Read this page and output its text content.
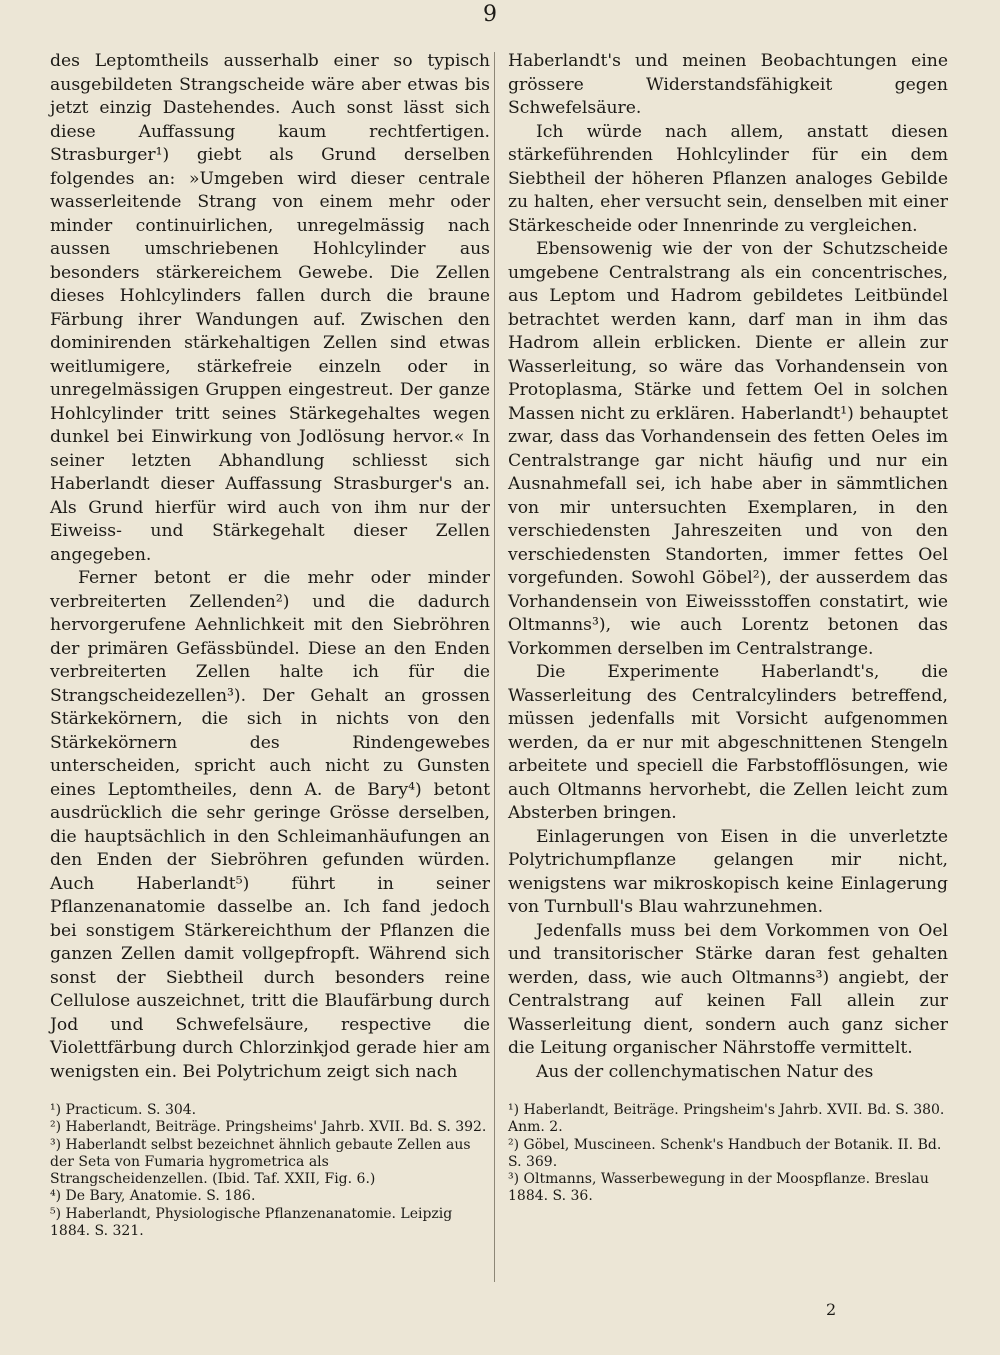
9

des Leptomtheils ausserhalb einer so typisch ausgebildeten Strangscheide wäre aber etwas bis jetzt einzig Dastehendes. Auch sonst lässt sich diese Auffassung kaum rechtfertigen. Strasburger¹) giebt als Grund derselben folgendes an: »Umgeben wird dieser centrale wasserleitende Strang von einem mehr oder minder continuirlichen, unregelmässig nach aussen umschriebenen Hohlcylinder aus besonders stärkereichem Gewebe. Die Zellen dieses Hohlcylinders fallen durch die braune Färbung ihrer Wandungen auf. Zwischen den dominirenden stärkehaltigen Zellen sind etwas weitlumigere, stärkefreie einzeln oder in unregelmässigen Gruppen eingestreut. Der ganze Hohlcylinder tritt seines Stärkegehaltes wegen dunkel bei Einwirkung von Jodlösung hervor.« In seiner letzten Abhandlung schliesst sich Haberlandt dieser Auffassung Strasburger's an. Als Grund hierfür wird auch von ihm nur der Eiweiss- und Stärkegehalt dieser Zellen angegeben.

Ferner betont er die mehr oder minder verbreiterten Zellenden²) und die dadurch hervorgerufene Aehnlichkeit mit den Siebröhren der primären Gefässbündel. Diese an den Enden verbreiterten Zellen halte ich für die Strangscheidezellen³). Der Gehalt an grossen Stärkekörnern, die sich in nichts von den Stärkekörnern des Rindengewebes unterscheiden, spricht auch nicht zu Gunsten eines Leptomtheiles, denn A. de Bary⁴) betont ausdrücklich die sehr geringe Grösse derselben, die hauptsächlich in den Schleimanhäufungen an den Enden der Siebröhren gefunden würden. Auch Haberlandt⁵) führt in seiner Pflanzenanatomie dasselbe an. Ich fand jedoch bei sonstigem Stärkereichthum der Pflanzen die ganzen Zellen damit vollgepfropft. Während sich sonst der Siebtheil durch besonders reine Cellulose auszeichnet, tritt die Blaufärbung durch Jod und Schwefelsäure, respective die Violettfärbung durch Chlorzinkjod gerade hier am wenigsten ein. Bei Polytrichum zeigt sich nach

¹) Practicum. S. 304.

²) Haberlandt, Beiträge. Pringsheims' Jahrb. XVII. Bd. S. 392.

³) Haberlandt selbst bezeichnet ähnlich gebaute Zellen aus der Seta von Fumaria hygrometrica als Strangscheidenzellen. (Ibid. Taf. XXII, Fig. 6.)

⁴) De Bary, Anatomie. S. 186.

⁵) Haberlandt, Physiologische Pflanzenanatomie. Leipzig 1884. S. 321.

Haberlandt's und meinen Beobachtungen eine grössere Widerstandsfähigkeit gegen Schwefelsäure.

Ich würde nach allem, anstatt diesen stärkeführenden Hohlcylinder für ein dem Siebtheil der höheren Pflanzen analoges Gebilde zu halten, eher versucht sein, denselben mit einer Stärkescheide oder Innenrinde zu vergleichen.

Ebensowenig wie der von der Schutzscheide umgebene Centralstrang als ein concentrisches, aus Leptom und Hadrom gebildetes Leitbündel betrachtet werden kann, darf man in ihm das Hadrom allein erblicken. Diente er allein zur Wasserleitung, so wäre das Vorhandensein von Protoplasma, Stärke und fettem Oel in solchen Massen nicht zu erklären. Haberlandt¹) behauptet zwar, dass das Vorhandensein des fetten Oeles im Centralstrange gar nicht häufig und nur ein Ausnahmefall sei, ich habe aber in sämmtlichen von mir untersuchten Exemplaren, in den verschiedensten Jahreszeiten und von den verschiedensten Standorten, immer fettes Oel vorgefunden. Sowohl Göbel²), der ausserdem das Vorhandensein von Eiweissstoffen constatirt, wie Oltmanns³), wie auch Lorentz betonen das Vorkommen derselben im Centralstrange.

Die Experimente Haberlandt's, die Wasserleitung des Centralcylinders betreffend, müssen jedenfalls mit Vorsicht aufgenommen werden, da er nur mit abgeschnittenen Stengeln arbeitete und speciell die Farbstofflösungen, wie auch Oltmanns hervorhebt, die Zellen leicht zum Absterben bringen.

Einlagerungen von Eisen in die unverletzte Polytrichumpflanze gelangen mir nicht, wenigstens war mikroskopisch keine Einlagerung von Turnbull's Blau wahrzunehmen.

Jedenfalls muss bei dem Vorkommen von Oel und transitorischer Stärke daran fest gehalten werden, dass, wie auch Oltmanns³) angiebt, der Centralstrang auf keinen Fall allein zur Wasserleitung dient, sondern auch ganz sicher die Leitung organischer Nährstoffe vermittelt.

Aus der collenchymatischen Natur des

¹) Haberlandt, Beiträge. Pringsheim's Jahrb. XVII. Bd. S. 380. Anm. 2.

²) Göbel, Muscineen. Schenk's Handbuch der Botanik. II. Bd. S. 369.

³) Oltmanns, Wasserbewegung in der Moospflanze. Breslau 1884. S. 36.

2
